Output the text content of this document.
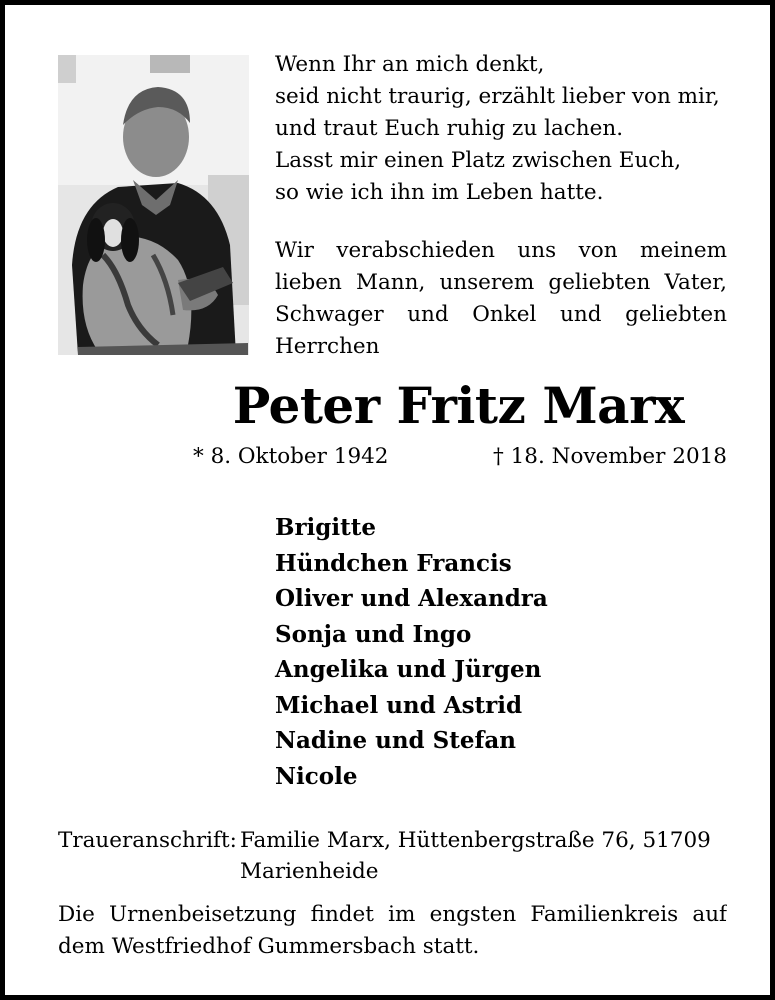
Wenn Ihr an mich denkt,
seid nicht traurig, erzählt lieber von mir,
und traut Euch ruhig zu lachen.
Lasst mir einen Platz zwischen Euch,
so wie ich ihn im Leben hatte.
Wir verabschieden uns von meinem
lieben Mann, unserem geliebten Vater,
Schwager und Onkel und geliebten
Herrchen
Peter Fritz Marx
* 8. Oktober 1942	† 18. November 2018
Brigitte
Hündchen Francis
Oliver und Alexandra
Sonja und Ingo
Angelika und Jürgen
Michael und Astrid
Nadine und Stefan
Nicole
Traueranschrift: Familie Marx, Hüttenbergstraße 76, 51709
Marienheide
Die Urnenbeisetzung findet im engsten Familienkreis auf
dem Westfriedhof Gummersbach statt.
